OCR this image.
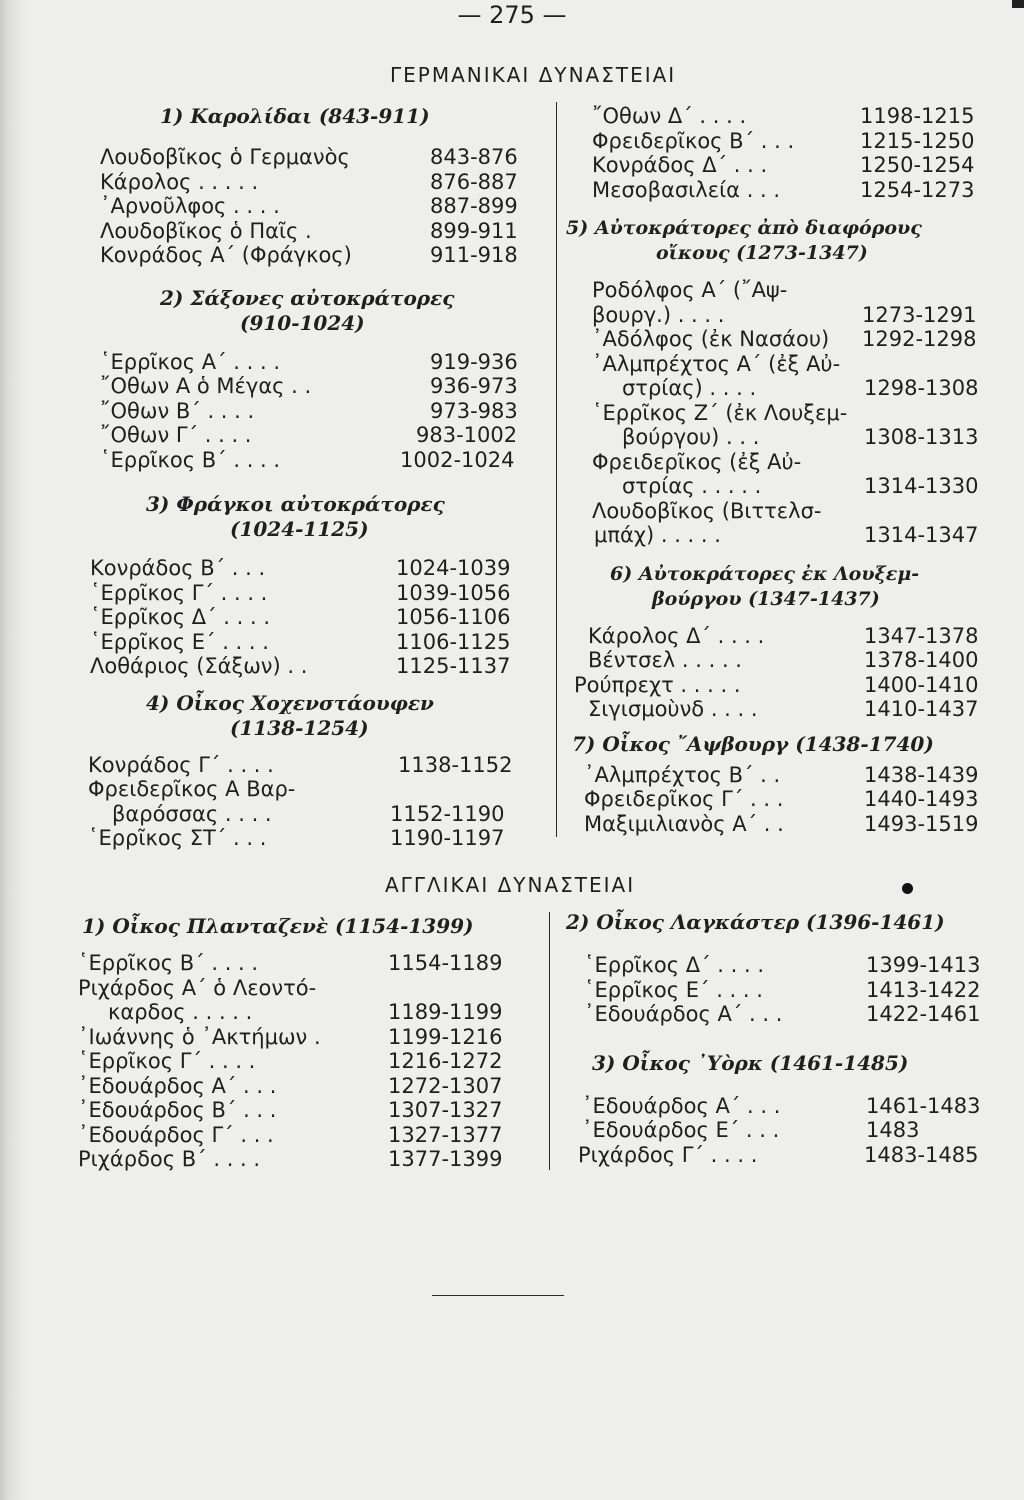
— 275 —
ΓΕΡΜΑΝΙΚΑΙ ΔΥΝΑΣΤΕΙΑΙ
ΑΓΓΛΙΚΑΙ ΔΥΝΑΣΤΕΙΑΙ
1) Καρολίδαι (843-911)
Λουδοβῖκος ὁ Γερμανὸς	843-876
Κάρολος . . . . .	876-887
᾿Αρνοῦλφος . . . .	887-899
Λουδοβῖκος ὁ Παῖς .	899-911
Κονράδος Α΄ (Φράγκος)	911-918
2) Σάξονες αὐτοκράτορες
(910-1024)
῾Ερρῖκος Α΄ . . . .	919-936
῎Οθων Α ὁ Μέγας . .	936-973
῎Οθων Β΄ . . . .	973-983
῎Οθων Γ΄ . . . .	983-1002
῾Ερρῖκος Β΄ . . . .	1002-1024
3) Φράγκοι αὐτοκράτορες
(1024-1125)
Κονράδος Β΄ . . .	1024-1039
῾Ερρῖκος Γ΄ . . . .	1039-1056
῾Ερρῖκος Δ΄ . . . .	1056-1106
῾Ερρῖκος Ε΄ . . . .	1106-1125
Λοθάριος (Σάξων) . .	1125-1137
4) Οἶκος Χοχενστάουφεν
(1138-1254)
Κονράδος Γ΄ . . . .	1138-1152
Φρειδερῖκος Α Βαρ-
βαρόσσας . . . .	1152-1190
῾Ερρῖκος ΣΤ΄ . . .	1190-1197
῎Οθων Δ΄ . . . .	1198-1215
Φρειδερῖκος Β΄ . . .	1215-1250
Κονράδος Δ΄ . . .	1250-1254
Μεσοβασιλεία . . .	1254-1273
5) Αὐτοκράτορες ἀπὸ διαφόρους
οἴκους (1273-1347)
Ροδόλφος Α΄ (῎Αψ-
βουργ.) . . . .	1273-1291
᾿Αδόλφος (ἐκ Νασάου) 1292-1298
᾿Αλμπρέχτος Α΄ (ἐξ Αὐ-
στρίας) . . . .	1298-1308
῾Ερρῖκος Ζ΄ (ἐκ Λουξεμ-
βούργου) . . .	1308-1313
Φρειδερῖκος (ἐξ Αὐ-
στρίας . . . . .	1314-1330
Λουδοβῖκος (Βιττελσ-
μπάχ) . . . . .	1314-1347
6) Αὐτοκράτορες ἐκ Λουξεμ-
βούργου (1347-1437)
Κάρολος Δ΄ . . . .	1347-1378
Βέντσελ . . . . .	1378-1400
Ρούπρεχτ . . . . .	1400-1410
Σιγισμοὺνδ . . . .	1410-1437
7) Οἶκος ῎Αψβουργ (1438-1740)
᾿Αλμπρέχτος Β΄ . .	1438-1439
Φρειδερῖκος Γ΄ . . .	1440-1493
Μαξιμιλιανὸς Α΄ . .	1493-1519
1) Οἶκος Πλανταζενὲ (1154-1399)
῾Ερρῖκος Β΄ . . . .	1154-1189
Ριχάρδος Α΄ ὁ Λεοντό-
καρδος . . . . .	1189-1199
᾿Ιωάννης ὁ ᾿Ακτήμων .	1199-1216
῾Ερρῖκος Γ΄ . . . .	1216-1272
᾿Εδουάρδος Α΄ . . .	1272-1307
᾿Εδουάρδος Β΄ . . .	1307-1327
᾿Εδουάρδος Γ΄ . . .	1327-1377
Ριχάρδος Β΄ . . . .	1377-1399
2) Οἶκος Λαγκάστερ (1396-1461)
῾Ερρῖκος Δ΄ . . . .	1399-1413
῾Ερρῖκος Ε΄ . . . .	1413-1422
᾿Εδουάρδος Α΄ . . .	1422-1461
3) Οἶκος ᾿Υὸρκ (1461-1485)
᾿Εδουάρδος Α΄ . . .	1461-1483
᾿Εδουάρδος Ε΄ . . .	1483
Ριχάρδος Γ΄ . . . .	1483-1485
